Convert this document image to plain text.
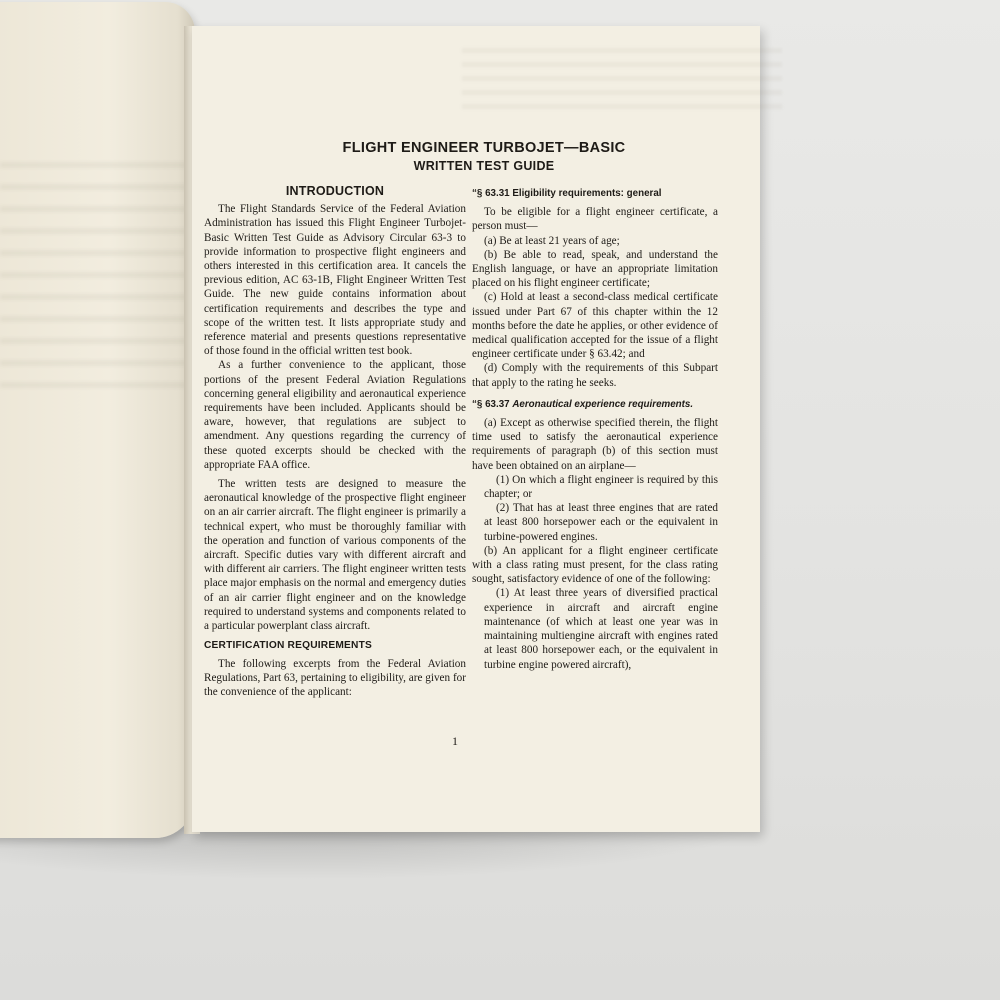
FLIGHT ENGINEER TURBOJET—BASIC
WRITTEN TEST GUIDE
INTRODUCTION

The Flight Standards Service of the Federal Aviation Administration has issued this Flight Engineer Turbojet-Basic Written Test Guide as Advisory Circular 63-3 to provide information to prospective flight engineers and others interested in this certification area. It cancels the previous edition, AC 63-1B, Flight Engineer Written Test Guide. The new guide contains information about certification requirements and describes the type and scope of the written test. It lists appropriate study and reference material and presents questions representative of those found in the official written test book.

As a further convenience to the applicant, those portions of the present Federal Aviation Regulations concerning general eligibility and aeronautical experience requirements have been included. Applicants should be aware, however, that regulations are subject to amendment. Any questions regarding the currency of these quoted excerpts should be checked with the appropriate FAA office.

The written tests are designed to measure the aeronautical knowledge of the prospective flight engineer on an air carrier aircraft. The flight engineer is primarily a technical expert, who must be thoroughly familiar with the operation and function of various components of the aircraft. Specific duties vary with different aircraft and with different air carriers. The flight engineer written tests place major emphasis on the normal and emergency duties of an air carrier flight engineer and on the knowledge required to understand systems and components related to a particular powerplant class aircraft.

CERTIFICATION REQUIREMENTS

The following excerpts from the Federal Aviation Regulations, Part 63, pertaining to eligibility, are given for the convenience of the applicant:

“§ 63.31 Eligibility requirements: general

To be eligible for a flight engineer certificate, a person must—

(a) Be at least 21 years of age;

(b) Be able to read, speak, and understand the English language, or have an appropriate limitation placed on his flight engineer certificate;

(c) Hold at least a second-class medical certificate issued under Part 67 of this chapter within the 12 months before the date he applies, or other evidence of medical qualification accepted for the issue of a flight engineer certificate under § 63.42; and

(d) Comply with the requirements of this Subpart that apply to the rating he seeks.

“§ 63.37 Aeronautical experience requirements.

(a) Except as otherwise specified therein, the flight time used to satisfy the aeronautical experience requirements of paragraph (b) of this section must have been obtained on an airplane—

(1) On which a flight engineer is required by this chapter; or

(2) That has at least three engines that are rated at least 800 horsepower each or the equivalent in turbine-powered engines.

(b) An applicant for a flight engineer certificate with a class rating must present, for the class rating sought, satisfactory evidence of one of the following:

(1) At least three years of diversified practical experience in aircraft and aircraft engine maintenance (of which at least one year was in maintaining multiengine aircraft with engines rated at least 800 horsepower each, or the equivalent in turbine engine powered aircraft),

1
